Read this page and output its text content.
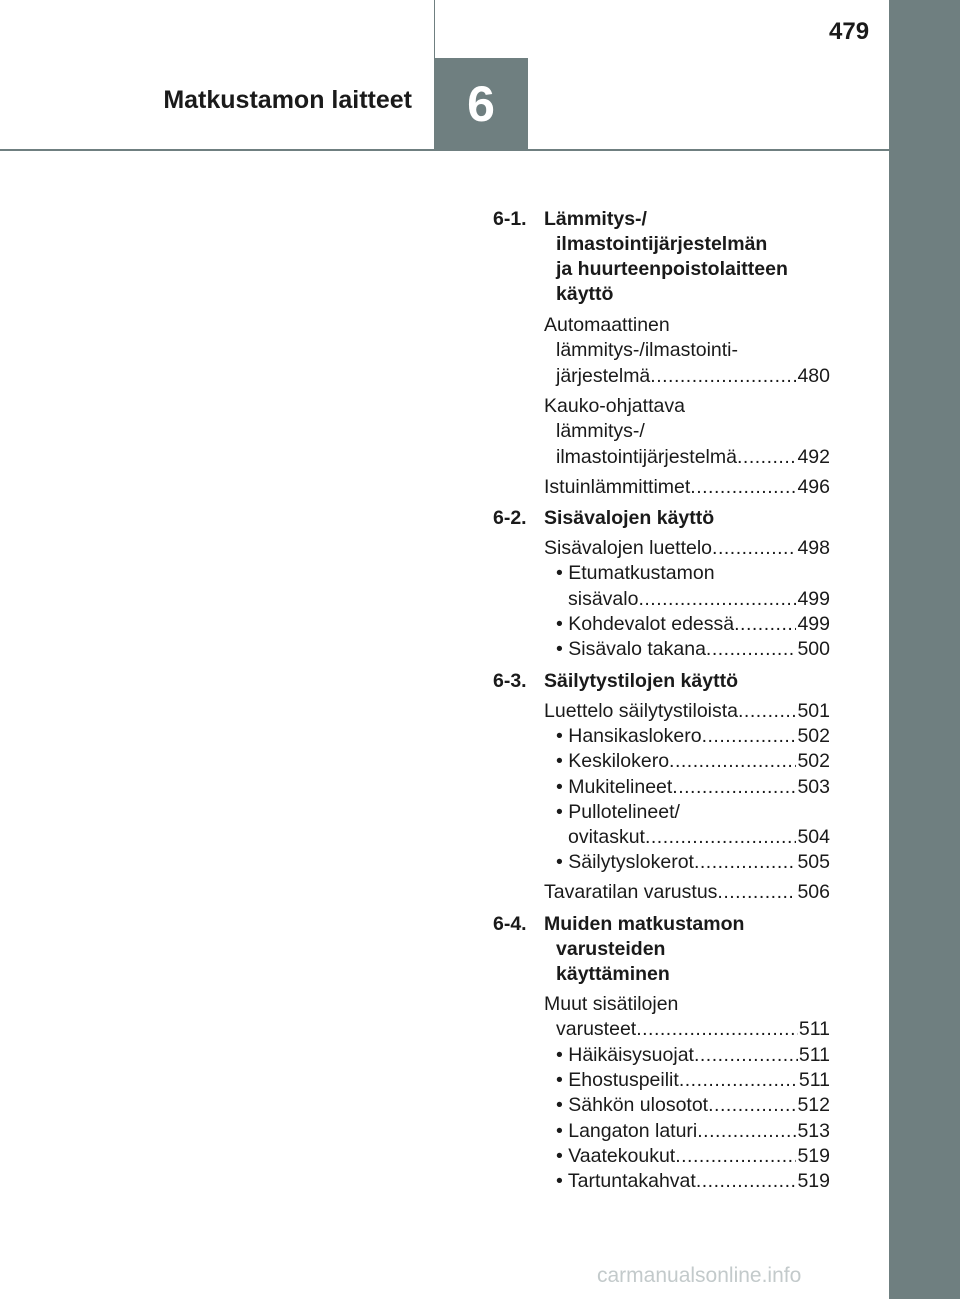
6
Matkustamon laitteet
479
6-1. Lämmitys-/
ilmastointijärjestelmän
ja huurteenpoistolaitteen
käyttö
Automaattinen
lämmitys-/ilmastointi-
järjestelmä .....	480
Kauko-ohjattava
lämmitys-/
ilmastointijärjestelmä .....	492
Istuinlämmittimet .....	496
6-2. Sisävalojen käyttö
Sisävalojen luettelo .....	498
• Etumatkustamon
sisävalo .....	499
• Kohdevalot edessä .....	499
• Sisävalo takana .....	500
6-3. Säilytystilojen käyttö
Luettelo säilytystiloista .....	501
• Hansikaslokero .....	502
• Keskilokero .....	502
• Mukitelineet .....	503
• Pullotelineet/
ovitaskut .....	504
• Säilytyslokerot .....	505
Tavaratilan varustus .....	506
6-4. Muiden matkustamon
varusteiden
käyttäminen
Muut sisätilojen
varusteet .....	511
• Häikäisysuojat .....	511
• Ehostuspeilit .....	511
• Sähkön ulosotot .....	512
• Langaton laturi .....	513
• Vaatekoukut .....	519
• Tartuntakahvat .....	519
carmanualsonline.info
